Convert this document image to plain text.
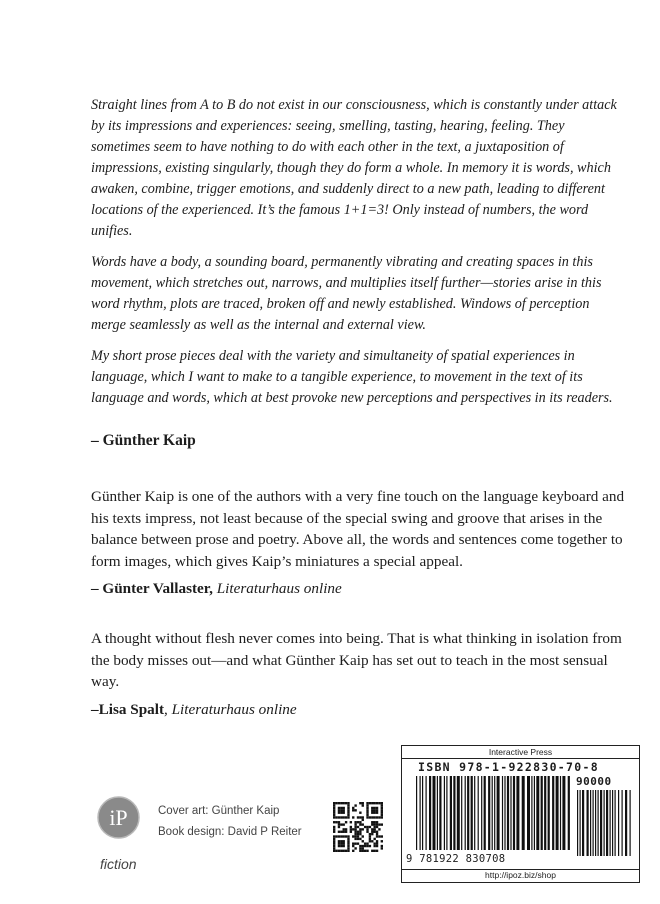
Straight lines from A to B do not exist in our consciousness, which is constantly under attack by its impressions and experiences: seeing, smelling, tasting, hearing, feeling. They sometimes seem to have nothing to do with each other in the text, a juxtaposition of impressions, existing singularly, though they do form a whole. In memory it is words, which awaken, combine, trigger emotions, and suddenly direct to a new path, leading to different locations of the experienced. It’s the famous 1+1=3! Only instead of numbers, the word unifies.

Words have a body, a sounding board, permanently vibrating and creating spaces in this movement, which stretches out, narrows, and multiplies itself further—stories arise in this word rhythm, plots are traced, broken off and newly established. Windows of perception merge seamlessly as well as the internal and external view.

My short prose pieces deal with the variety and simultaneity of spatial experiences in language, which I want to make to a tangible experience, to movement in the text of its language and words, which at best provoke new perceptions and perspectives in its readers.

– Günther Kaip

Günther Kaip is one of the authors with a very fine touch on the language keyboard and his texts impress, not least because of the special swing and groove that arises in the balance between prose and poetry. Above all, the words and sentences come together to form images, which gives Kaip’s miniatures a special appeal.

– Günter Vallaster, Literaturhaus online

A thought without flesh never comes into being. That is what thinking in isolation from the body misses out—and what Günther Kaip has set out to teach in the most sensual way.

–Lisa Spalt, Literaturhaus online

iP
fiction
Cover art: Günther Kaip
Book design: David P Reiter
Interactive Press
ISBN 978-1-922830-70-8
90000
9 781922 830708
http://ipoz.biz/shop
